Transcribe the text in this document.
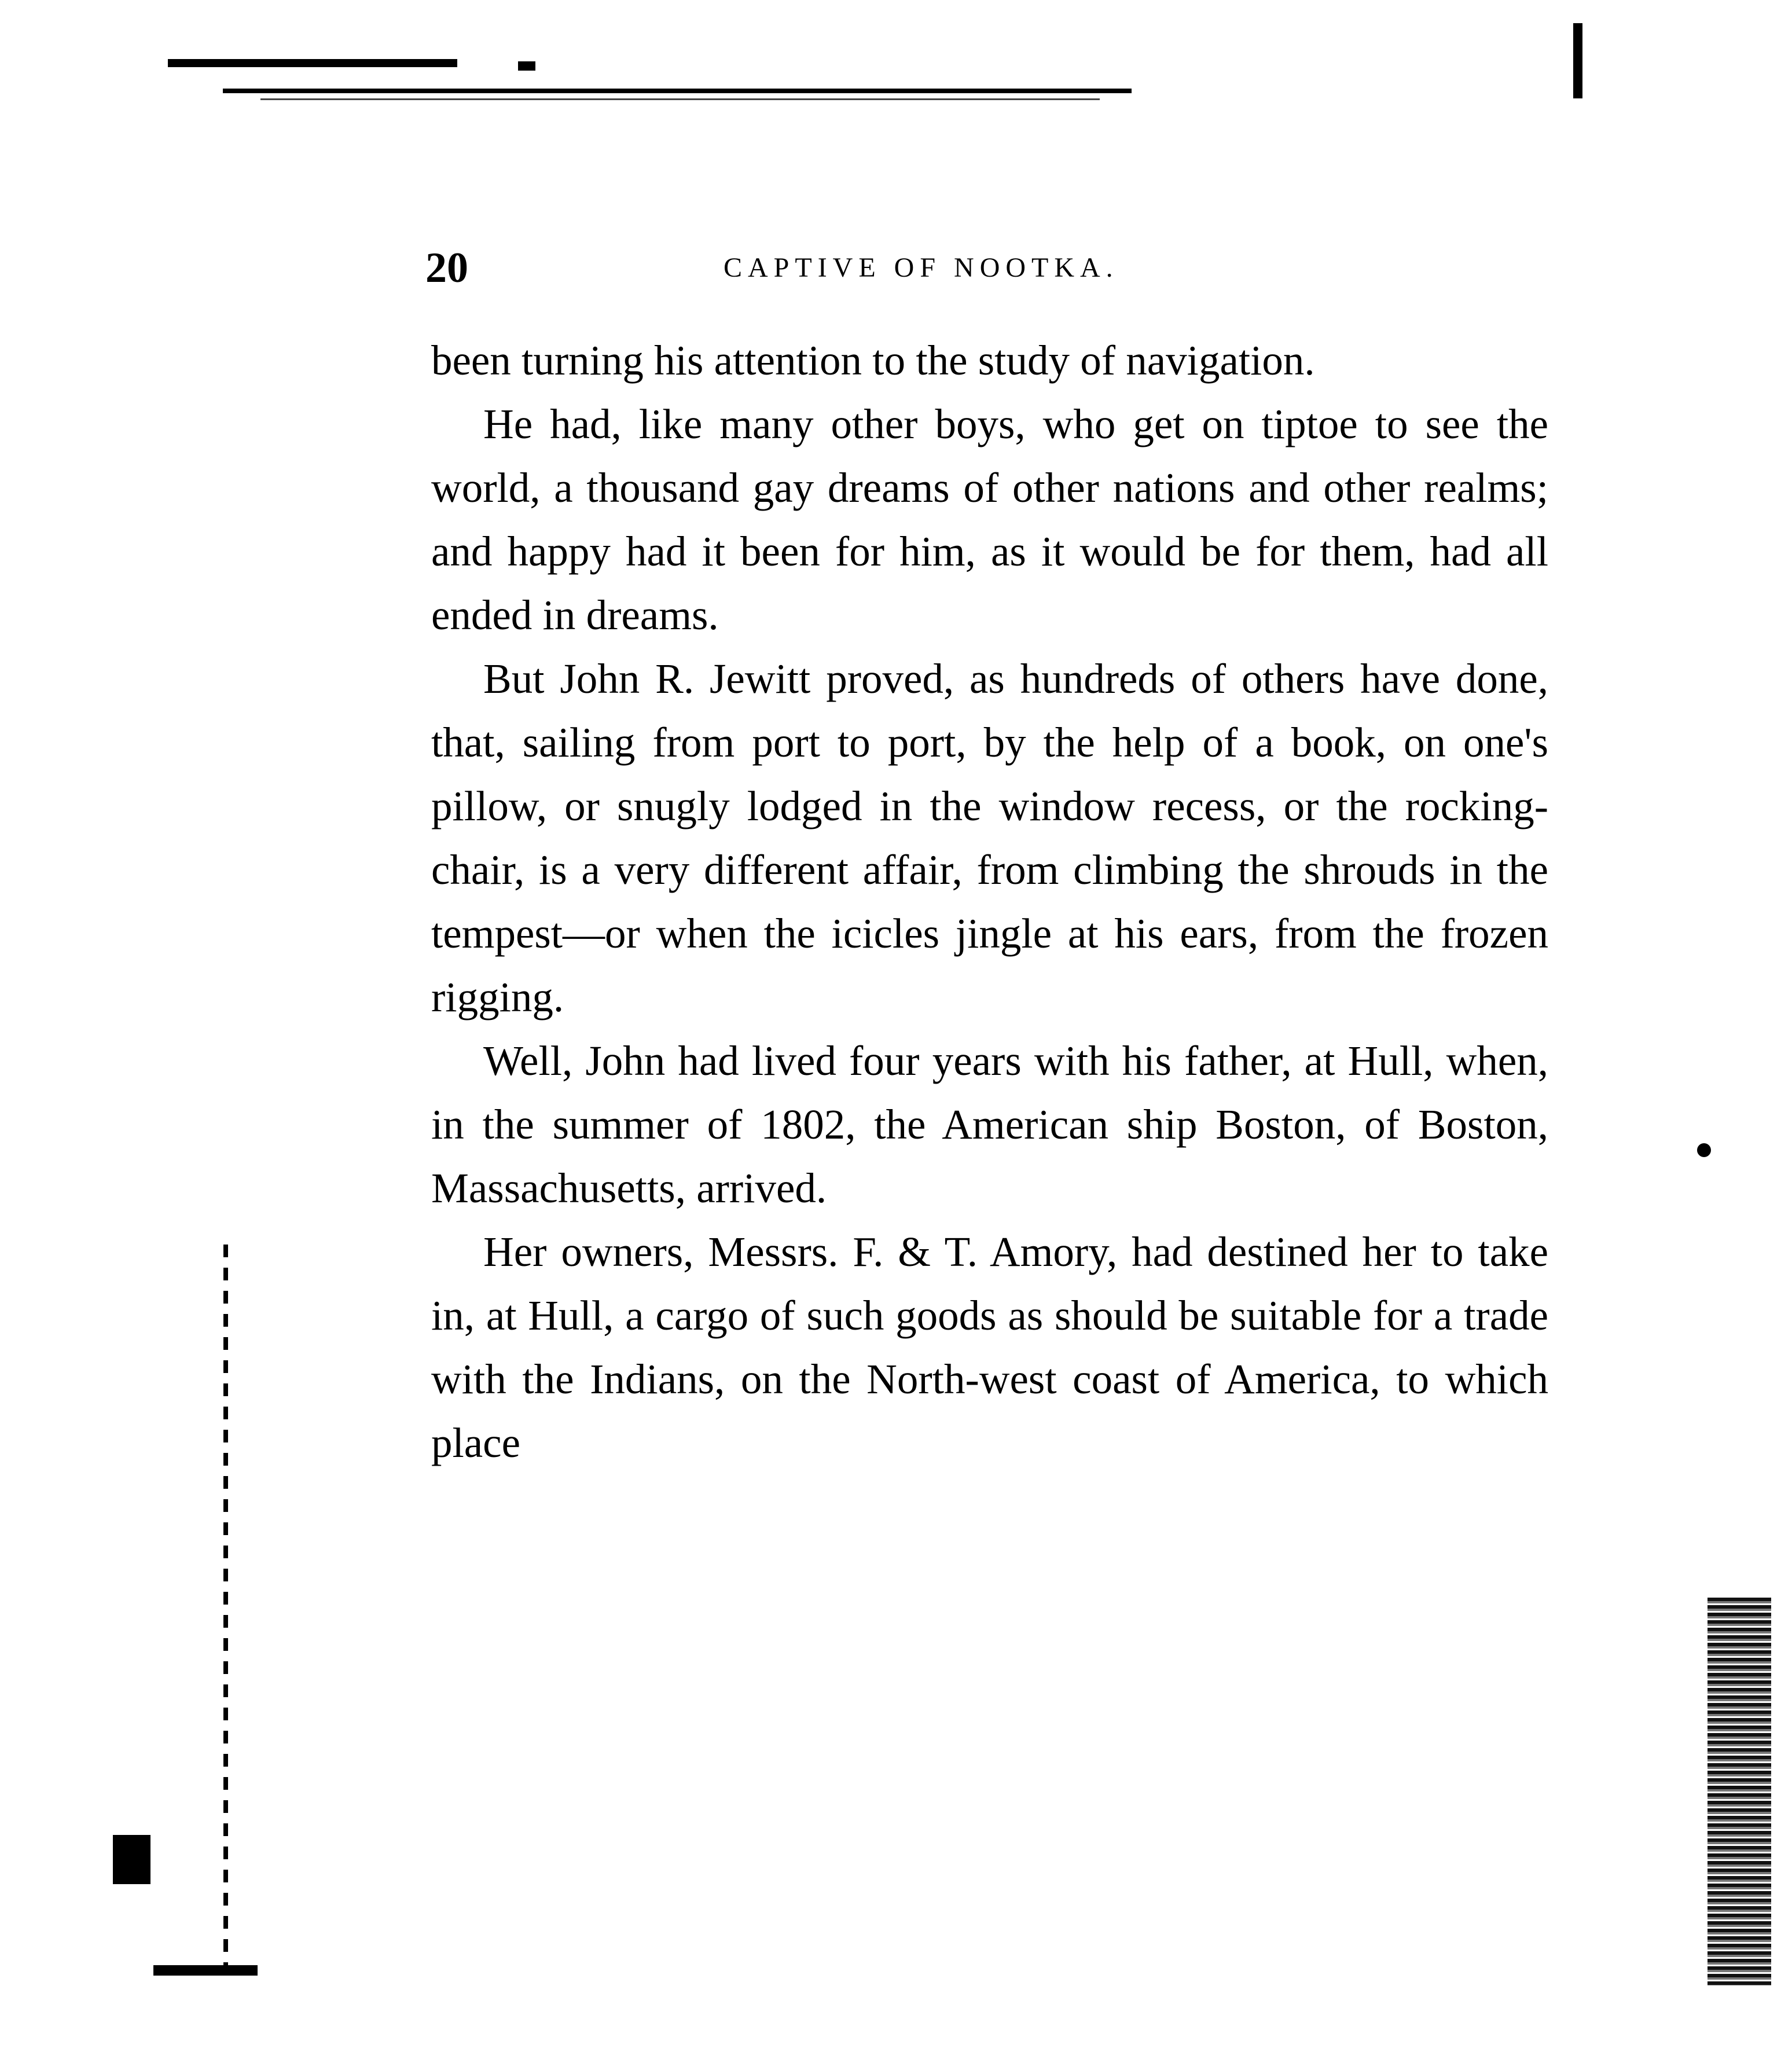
20	CAPTIVE OF NOOTKA.

been turning his attention to the study of navigation.

He had, like many other boys, who get on tiptoe to see the world, a thousand gay dreams of other nations and other realms; and happy had it been for him, as it would be for them, had all ended in dreams.

But John R. Jewitt proved, as hundreds of others have done, that, sailing from port to port, by the help of a book, on one's pillow, or snugly lodged in the window recess, or the rocking-chair, is a very different affair, from climbing the shrouds in the tempest—or when the icicles jingle at his ears, from the frozen rigging.

Well, John had lived four years with his father, at Hull, when, in the summer of 1802, the American ship Boston, of Boston, Massachusetts, arrived.

Her owners, Messrs. F. & T. Amory, had destined her to take in, at Hull, a cargo of such goods as should be suitable for a trade with the Indians, on the North-west coast of America, to which place
